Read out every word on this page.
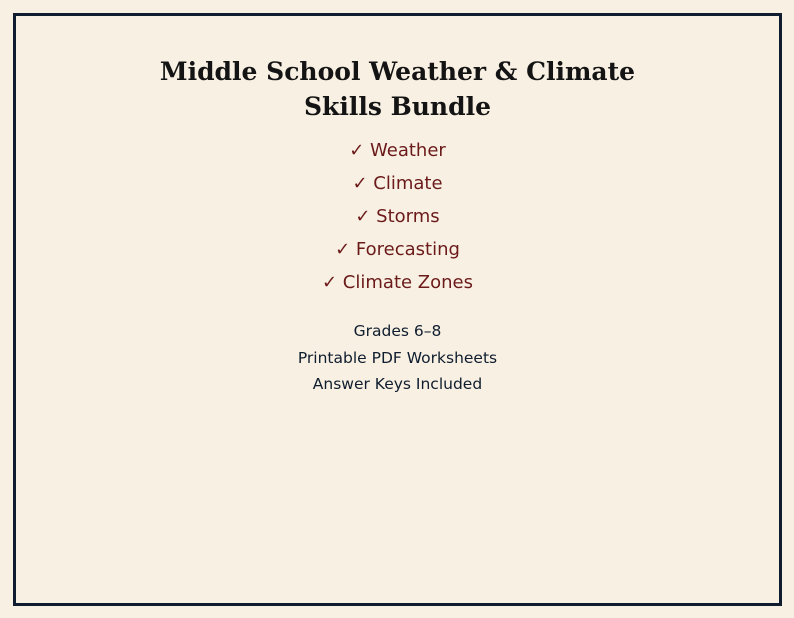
Middle School Weather & Climate
Skills Bundle
✓ Weather
✓ Climate
✓ Storms
✓ Forecasting
✓ Climate Zones
Grades 6–8
Printable PDF Worksheets
Answer Keys Included
